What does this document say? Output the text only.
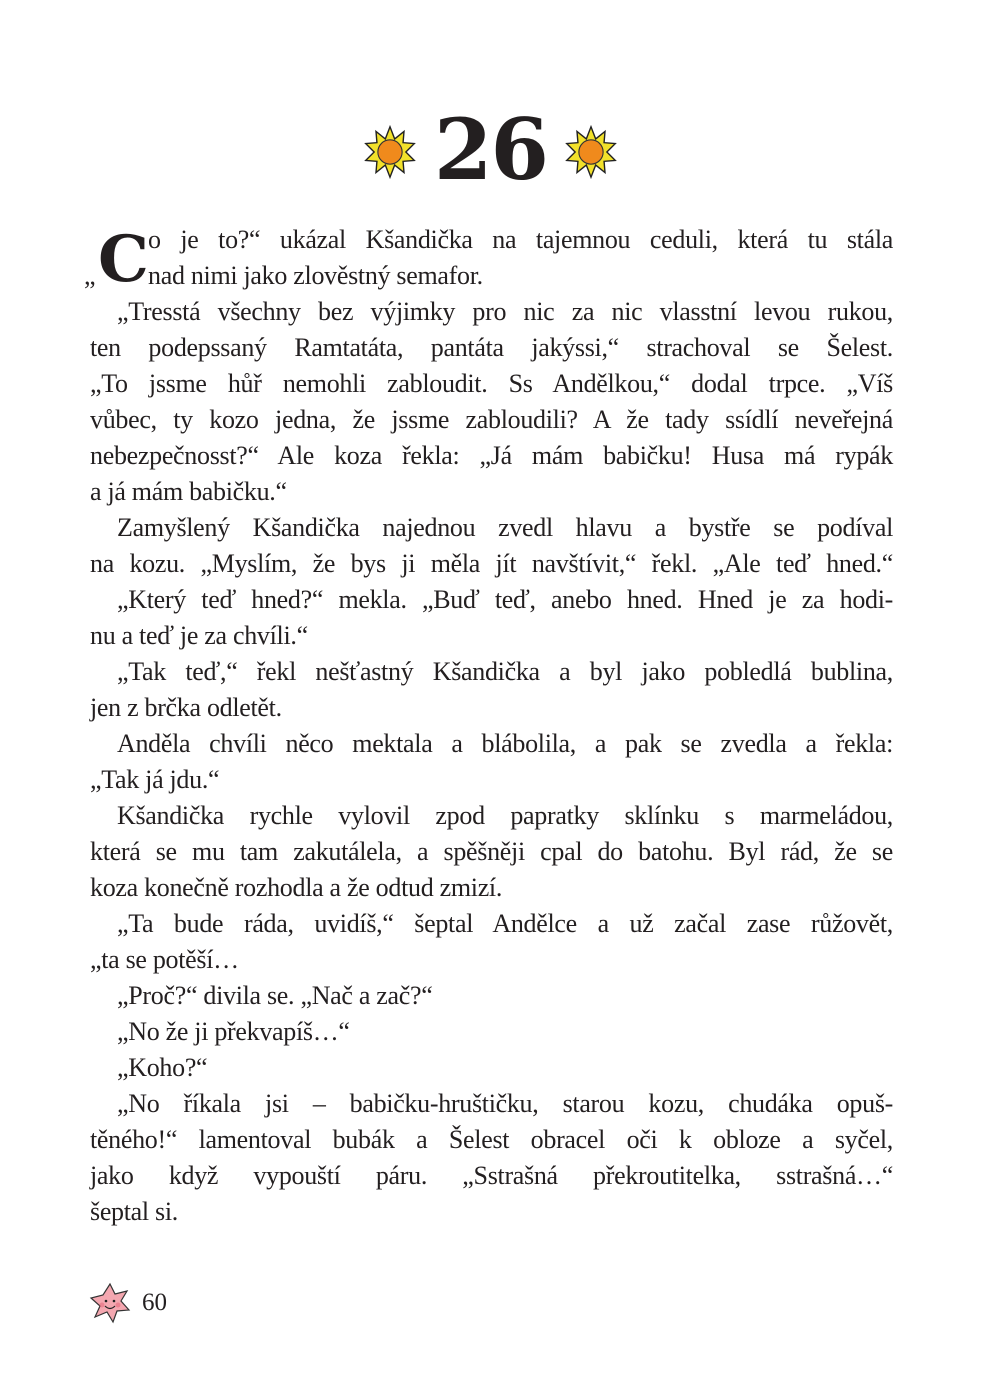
26
C
„
o je to?“ ukázal Kšandička na tajemnou ceduli, která tu stála
nad nimi jako zlověstný semafor.
„Tresstá všechny bez výjimky pro nic za nic vlasstní levou rukou,
ten podepssaný Ramtatáta, pantáta jakýssi,“ strachoval se Šelest.
„To jssme hůř nemohli zabloudit. Ss Andělkou,“ dodal trpce. „Víš
vůbec, ty kozo jedna, že jssme zabloudili? A že tady ssídlí neveřejná
nebezpečnosst?“ Ale koza řekla: „Já mám babičku! Husa má rypák
a já mám babičku.“
Zamyšlený Kšandička najednou zvedl hlavu a bystře se podíval
na kozu. „Myslím, že bys ji měla jít navštívit,“ řekl. „Ale teď hned.“
„Který teď hned?“ mekla. „Buď teď, anebo hned. Hned je za hodi-
nu a teď je za chvíli.“
„Tak teď,“ řekl nešťastný Kšandička a byl jako pobledlá bublina,
jen z brčka odletět.
Anděla chvíli něco mektala a blábolila, a pak se zvedla a řekla:
„Tak já jdu.“
Kšandička rychle vylovil zpod papratky sklínku s marmeládou,
která se mu tam zakutálela, a spěšněji cpal do batohu. Byl rád, že se
koza konečně rozhodla a že odtud zmizí.
„Ta bude ráda, uvidíš,“ šeptal Andělce a už začal zase růžovět,
„ta se potěší…
„Proč?“ divila se. „Nač a zač?“
„No že ji překvapíš…“
„Koho?“
„No říkala jsi – babičku-hruštičku, starou kozu, chudáka opuš-
těného!“ lamentoval bubák a Šelest obracel oči k obloze a syčel,
jako když vypouští páru. „Sstrašná překroutitelka, sstrašná…“
šeptal si.
60
